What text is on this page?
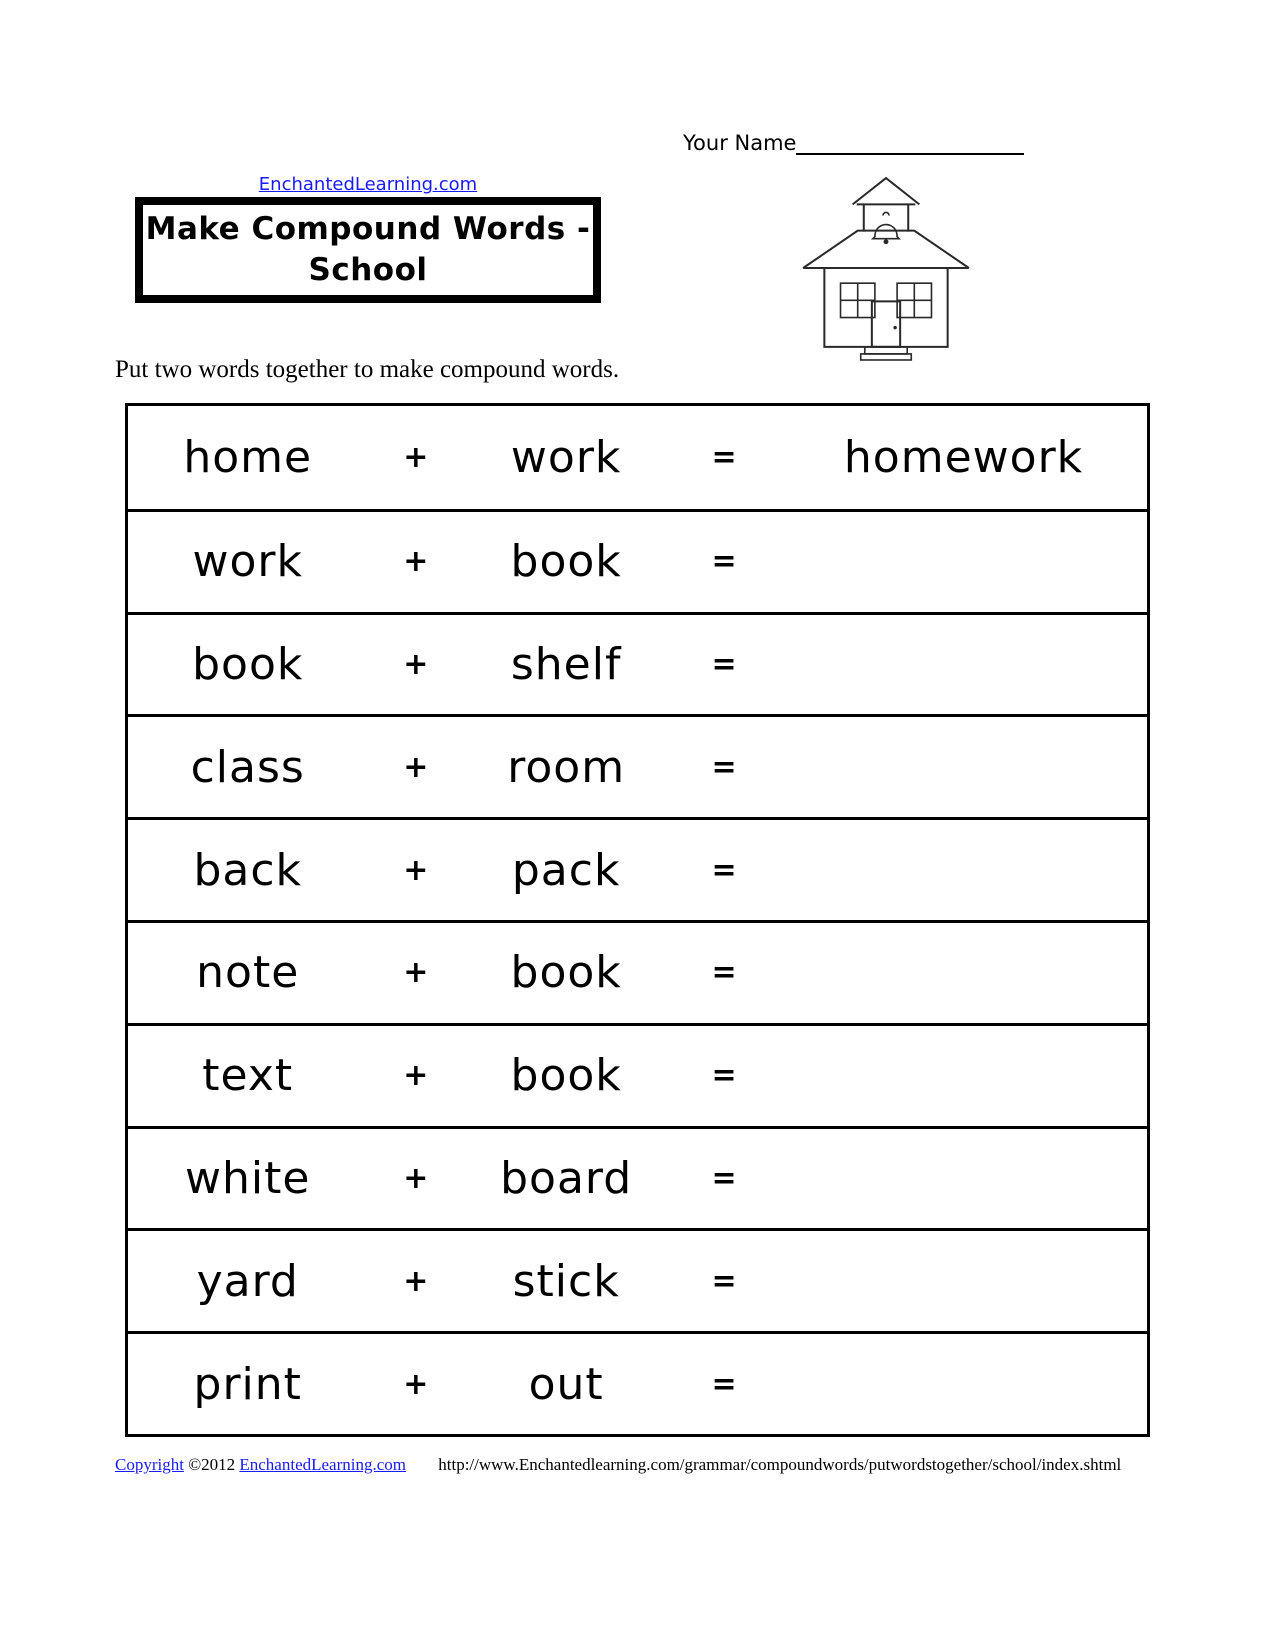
Your Name
EnchantedLearning.com
Make Compound Words -
School
Put two words together to make compound words.
home	+	work	=	homework
work	+	book	=
book	+	shelf	=
class	+	room	=
back	+	pack	=
note	+	book	=
text	+	book	=
white	+	board	=
yard	+	stick	=
print	+	out	=
Copyright ©2012 EnchantedLearning.com http://www.Enchantedlearning.com/grammar/compoundwords/putwordstogether/school/index.shtml
